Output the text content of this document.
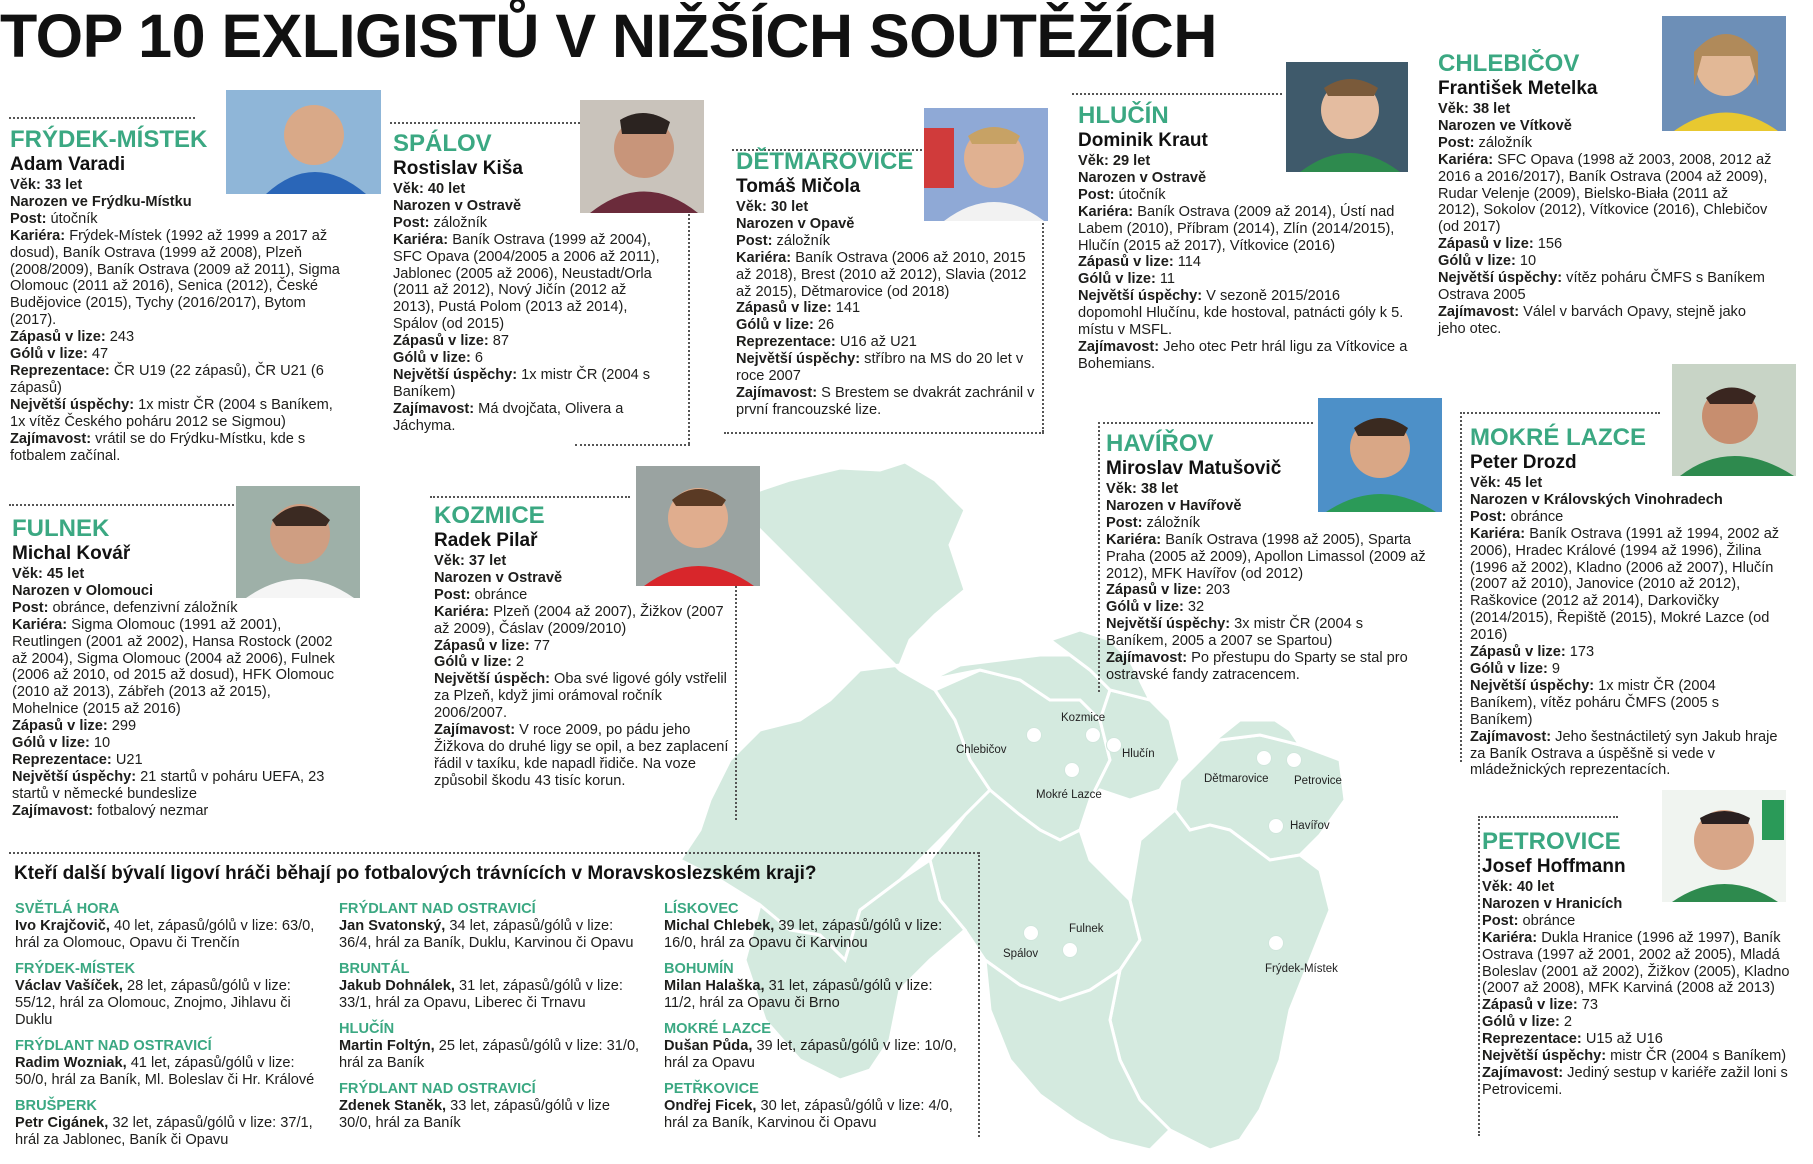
TOP 10 EXLIGISTŮ V NIŽŠÍCH SOUTĚŽÍCH
Chlebičov
Kozmice
Hlučín
Mokré Lazce
Dětmarovice Petrovice
Havířov
Spálov
Fulnek
Frýdek-Místek
FRÝDEK-MÍSTEK
Adam Varadi

Věk: 33 let

Narozen ve Frýdku-Místku

Post: útočník

Kariéra: Frýdek-Místek (1992 až 1999 a 2017 až dosud), Baník Ostrava (1999 až 2008), Plzeň (2008/2009), Baník Ostrava (2009 až 2011), Sigma Olomouc (2011 až 2016), Senica (2012), České Budějovice (2015), Tychy (2016/2017), Bytom (2017).

Zápasů v lize: 243

Gólů v lize: 47

Reprezentace: ČR U19 (22 zápasů), ČR U21 (6 zápasů)

Největší úspěchy: 1x mistr ČR (2004 s Baníkem, 1x vítěz Českého poháru 2012 se Sigmou)

Zajímavost: vrátil se do Frýdku-Místku, kde s fotbalem začínal.

SPÁLOV
Rostislav Kiša

Věk: 40 let

Narozen v Ostravě

Post: záložník

Kariéra: Baník Ostrava (1999 až 2004), SFC Opava (2004/2005 a 2006 až 2011), Jablonec (2005 až 2006), Neustadt/Orla (2011 až 2012), Nový Jičín (2012 až 2013), Pustá Polom (2013 až 2014), Spálov (od 2015)

Zápasů v lize: 87

Gólů v lize: 6

Největší úspěchy: 1x mistr ČR (2004 s Baníkem)

Zajímavost: Má dvojčata, Olivera a Jáchyma.

DĚTMAROVICE
Tomáš Mičola

Věk: 30 let

Narozen v Opavě

Post: záložník

Kariéra: Baník Ostrava (2006 až 2010, 2015 až 2018), Brest (2010 až 2012), Slavia (2012 až 2015), Dětmarovice (od 2018)

Zápasů v lize: 141

Gólů v lize: 26

Reprezentace: U16 až U21

Největší úspěchy: stříbro na MS do 20 let v roce 2007

Zajímavost: S Brestem se dvakrát zachránil v první francouzské lize.

HLUČÍN
Dominik Kraut

Věk: 29 let

Narozen v Ostravě

Post: útočník

Kariéra: Baník Ostrava (2009 až 2014), Ústí nad Labem (2010), Příbram (2014), Zlín (2014/2015), Hlučín (2015 až 2017), Vítkovice (2016)

Zápasů v lize: 114

Gólů v lize: 11

Největší úspěchy: V sezoně 2015/2016 dopomohl Hlučínu, kde hostoval, patnácti góly k 5. místu v MSFL.

Zajímavost: Jeho otec Petr hrál ligu za Vítkovice a Bohemians.

CHLEBIČOV
František Metelka

Věk: 38 let

Narozen ve Vítkově

Post: záložník

Kariéra: SFC Opava (1998 až 2003, 2008, 2012 až 2016 a 2016/2017), Baník Ostrava (2004 až 2009), Rudar Velenje (2009), Bielsko-Biała (2011 až 2012), Sokolov (2012), Vítkovice (2016), Chlebičov (od 2017)

Zápasů v lize: 156

Gólů v lize: 10

Největší úspěchy: vítěz poháru ČMFS s Baníkem Ostrava 2005

Zajímavost: Válel v barvách Opavy, stejně jako jeho otec.

FULNEK
Michal Kovář

Věk: 45 let

Narozen v Olomouci

Post: obránce, defenzivní záložník

Kariéra: Sigma Olomouc (1991 až 2001), Reutlingen (2001 až 2002), Hansa Rostock (2002 až 2004), Sigma Olomouc (2004 až 2006), Fulnek (2006 až 2010, od 2015 až dosud), HFK Olomouc (2010 až 2013), Zábřeh (2013 až 2015), Mohelnice (2015 až 2016)

Zápasů v lize: 299

Gólů v lize: 10

Reprezentace: U21

Největší úspěchy: 21 startů v poháru UEFA, 23 startů v německé bundeslize

Zajímavost: fotbalový nezmar

KOZMICE
Radek Pilař

Věk: 37 let

Narozen v Ostravě

Post: obránce

Kariéra: Plzeň (2004 až 2007), Žižkov (2007 až 2009), Čáslav (2009/2010)

Zápasů v lize: 77

Gólů v lize: 2

Největší úspěch: Oba své ligové góly vstřelil za Plzeň, když jimi orámoval ročník 2006/2007.

Zajímavost: V roce 2009, po pádu jeho Žižkova do druhé ligy se opil, a bez zaplacení řádil v taxíku, kde napadl řidiče. Na voze způsobil škodu 43 tisíc korun.

HAVÍŘOV
Miroslav Matušovič

Věk: 38 let

Narozen v Havířově

Post: záložník

Kariéra: Baník Ostrava (1998 až 2005), Sparta Praha (2005 až 2009), Apollon Limassol (2009 až 2012), MFK Havířov (od 2012)

Zápasů v lize: 203

Gólů v lize: 32

Největší úspěchy: 3x mistr ČR (2004 s Baníkem, 2005 a 2007 se Spartou)

Zajímavost: Po přestupu do Sparty se stal pro ostravské fandy zatracencem.

MOKRÉ LAZCE
Peter Drozd

Věk: 45 let

Narozen v Královských Vinohradech

Post: obránce

Kariéra: Baník Ostrava (1991 až 1994, 2002 až 2006), Hradec Králové (1994 až 1996), Žilina (1996 až 2002), Kladno (2006 až 2007), Hlučín (2007 až 2010), Janovice (2010 až 2012), Raškovice (2012 až 2014), Darkovičky (2014/2015), Řepiště (2015), Mokré Lazce (od 2016)

Zápasů v lize: 173

Gólů v lize: 9

Největší úspěchy: 1x mistr ČR (2004 Baníkem), vítěz poháru ČMFS (2005 s Baníkem)

Zajímavost: Jeho šestnáctiletý syn Jakub hraje za Baník Ostrava a úspěšně si vede v mládežnických reprezentacích.

PETROVICE
Josef Hoffmann

Věk: 40 let

Narozen v Hranicích

Post: obránce

Kariéra: Dukla Hranice (1996 až 1997), Baník Ostrava (1997 až 2001, 2002 až 2005), Mladá Boleslav (2001 až 2002), Žižkov (2005), Kladno (2007 až 2008), MFK Karviná (2008 až 2013)

Zápasů v lize: 73

Gólů v lize: 2

Reprezentace: U15 až U16

Největší úspěchy: mistr ČR (2004 s Baníkem)

Zajímavost: Jediný sestup v kariéře zažil loni s Petrovicemi.

Kteří další bývalí ligoví hráči běhají po fotbalových trávnících v Moravskoslezském kraji?
SVĚTLÁ HORA

Ivo Krajčovič, 40 let, zápasů/gólů v lize: 63/0, hrál za Olomouc, Opavu či Trenčín

FRÝDEK-MÍSTEK

Václav Vašíček, 28 let, zápasů/gólů v lize: 55/12, hrál za Olomouc, Znojmo, Jihlavu či Duklu

FRÝDLANT NAD OSTRAVICÍ

Radim Wozniak, 41 let, zápasů/gólů v lize: 50/0, hrál za Baník, Ml. Boleslav či Hr. Králové

BRUŠPERK

Petr Cigánek, 32 let, zápasů/gólů v lize: 37/1, hrál za Jablonec, Baník či Opavu

FRÝDLANT NAD OSTRAVICÍ

Jan Svatonský, 34 let, zápasů/gólů v lize: 36/4, hrál za Baník, Duklu, Karvinou či Opavu

BRUNTÁL

Jakub Dohnálek, 31 let, zápasů/gólů v lize: 33/1, hrál za Opavu, Liberec či Trnavu

HLUČÍN

Martin Foltýn, 25 let, zápasů/gólů v lize: 31/0, hrál za Baník

FRÝDLANT NAD OSTRAVICÍ

Zdenek Staněk, 33 let, zápasů/gólů v lize 30/0, hrál za Baník

LÍSKOVEC

Michal Chlebek, 39 let, zápasů/gólů v lize: 16/0, hrál za Opavu či Karvinou

BOHUMÍN

Milan Halaška, 31 let, zápasů/gólů v lize: 11/2, hrál za Opavu či Brno

MOKRÉ LAZCE

Dušan Půda, 39 let, zápasů/gólů v lize: 10/0, hrál za Opavu

PETŘKOVICE

Ondřej Ficek, 30 let, zápasů/gólů v lize: 4/0, hrál za Baník, Karvinou či Opavu
